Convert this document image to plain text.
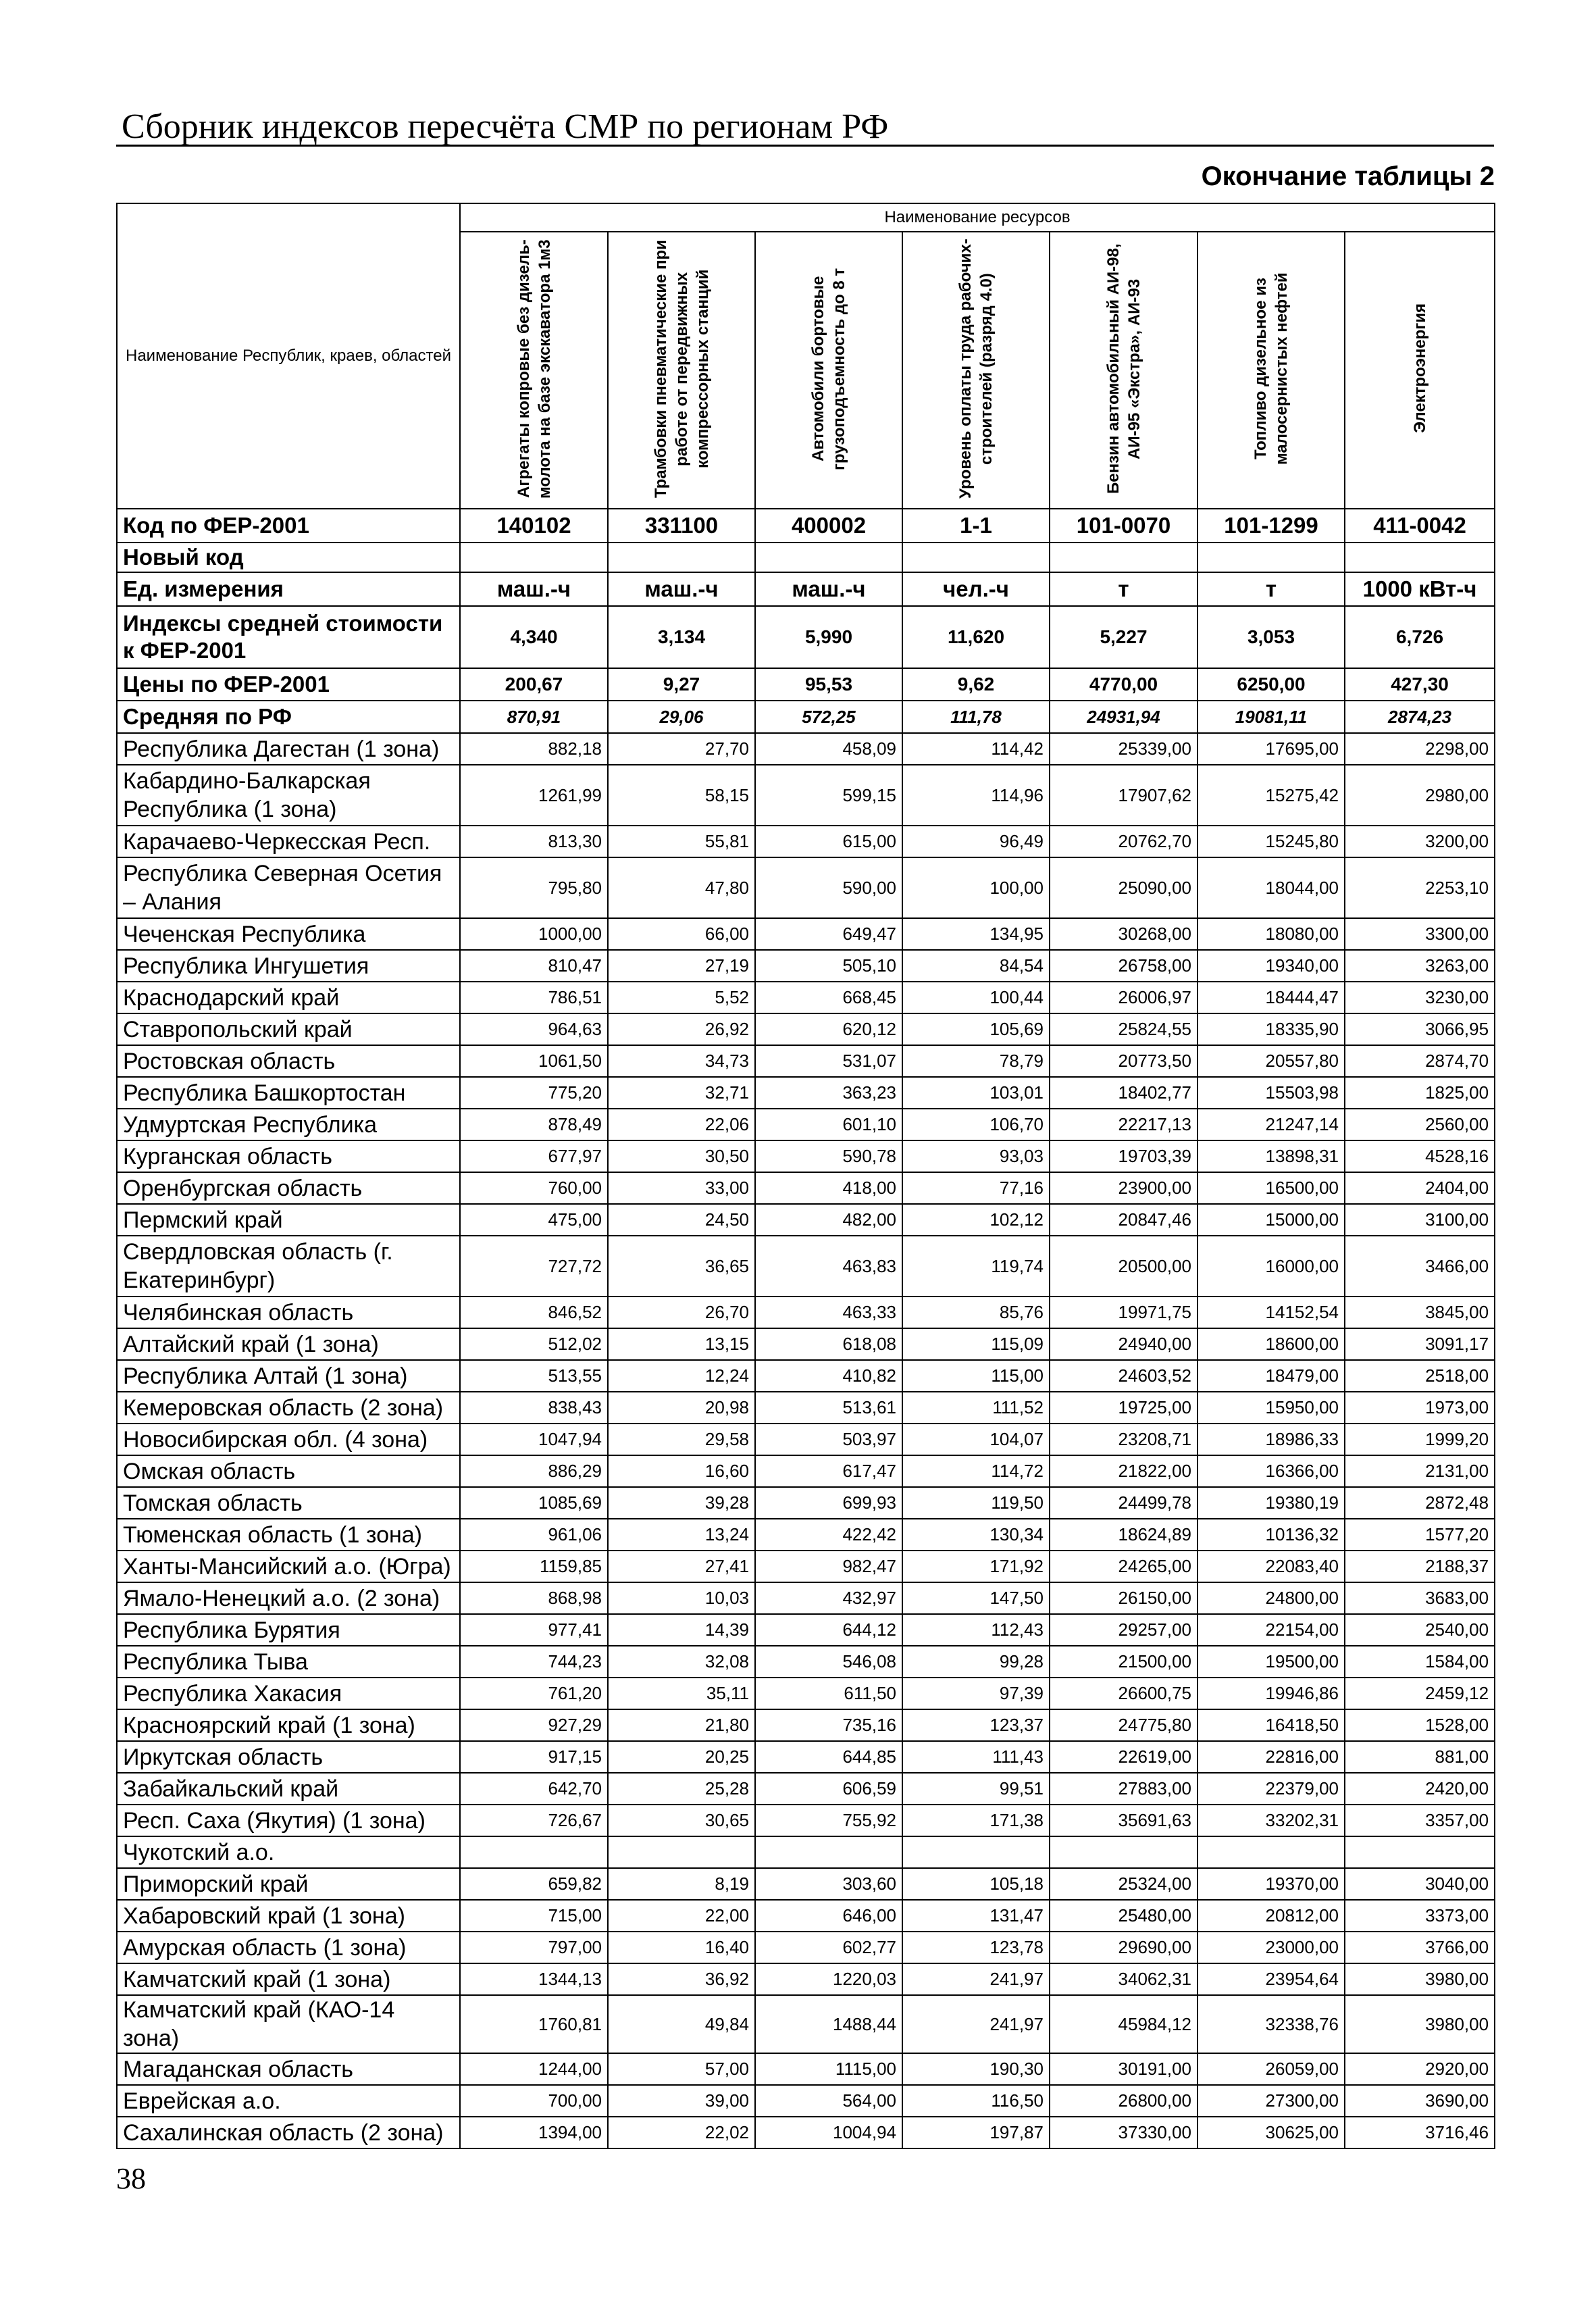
Сборник индексов пересчёта СМР по регионам РФ
Окончание таблицы 2
Наименование Республик, краев, областей	Наименование ресурсов						
	Агрегаты копровые без дизель-молота на базе экскаватора 1м3	Трамбовки пневматические при работе от передвижных компрессорных станций	Автомобили бортовые грузоподъемность до 8 т	Уровень оплаты труда рабочих-строителей (разряд 4.0)	Бензин автомобильный АИ-98, АИ-95 «Экстра», АИ-93	Топливо дизельное из малосернистых нефтей	Электроэнергия
Код по ФЕР-2001	140102	331100	400002	1-1	101-0070	101-1299	411-0042
Новый код							
Ед. измерения	маш.-ч	маш.-ч	маш.-ч	чел.-ч	т	т	1000 кВт-ч
Индексы средней стоимости к ФЕР-2001	4,340	3,134	5,990	11,620	5,227	3,053	6,726
Цены по ФЕР-2001	200,67	9,27	95,53	9,62	4770,00	6250,00	427,30
Средняя по РФ	870,91	29,06	572,25	111,78	24931,94	19081,11	2874,23
Республика Дагестан (1 зона)	882,18	27,70	458,09	114,42	25339,00	17695,00	2298,00
Кабардино-Балкарская Республика (1 зона)	1261,99	58,15	599,15	114,96	17907,62	15275,42	2980,00
Карачаево-Черкесская Респ.	813,30	55,81	615,00	96,49	20762,70	15245,80	3200,00
Республика Северная Осетия – Алания	795,80	47,80	590,00	100,00	25090,00	18044,00	2253,10
Чеченская Республика	1000,00	66,00	649,47	134,95	30268,00	18080,00	3300,00
Республика Ингушетия	810,47	27,19	505,10	84,54	26758,00	19340,00	3263,00
Краснодарский край	786,51	5,52	668,45	100,44	26006,97	18444,47	3230,00
Ставропольский край	964,63	26,92	620,12	105,69	25824,55	18335,90	3066,95
Ростовская область	1061,50	34,73	531,07	78,79	20773,50	20557,80	2874,70
Республика Башкортостан	775,20	32,71	363,23	103,01	18402,77	15503,98	1825,00
Удмуртская Республика	878,49	22,06	601,10	106,70	22217,13	21247,14	2560,00
Курганская область	677,97	30,50	590,78	93,03	19703,39	13898,31	4528,16
Оренбургская область	760,00	33,00	418,00	77,16	23900,00	16500,00	2404,00
Пермский край	475,00	24,50	482,00	102,12	20847,46	15000,00	3100,00
Свердловская область (г. Екатеринбург)	727,72	36,65	463,83	119,74	20500,00	16000,00	3466,00
Челябинская область	846,52	26,70	463,33	85,76	19971,75	14152,54	3845,00
Алтайский край (1 зона)	512,02	13,15	618,08	115,09	24940,00	18600,00	3091,17
Республика Алтай (1 зона)	513,55	12,24	410,82	115,00	24603,52	18479,00	2518,00
Кемеровская область (2 зона)	838,43	20,98	513,61	111,52	19725,00	15950,00	1973,00
Новосибирская обл. (4 зона)	1047,94	29,58	503,97	104,07	23208,71	18986,33	1999,20
Омская область	886,29	16,60	617,47	114,72	21822,00	16366,00	2131,00
Томская область	1085,69	39,28	699,93	119,50	24499,78	19380,19	2872,48
Тюменская область (1 зона)	961,06	13,24	422,42	130,34	18624,89	10136,32	1577,20
Ханты-Мансийский а.о. (Югра)	1159,85	27,41	982,47	171,92	24265,00	22083,40	2188,37
Ямало-Ненецкий а.о. (2 зона)	868,98	10,03	432,97	147,50	26150,00	24800,00	3683,00
Республика Бурятия	977,41	14,39	644,12	112,43	29257,00	22154,00	2540,00
Республика Тыва	744,23	32,08	546,08	99,28	21500,00	19500,00	1584,00
Республика Хакасия	761,20	35,11	611,50	97,39	26600,75	19946,86	2459,12
Красноярский край (1 зона)	927,29	21,80	735,16	123,37	24775,80	16418,50	1528,00
Иркутская область	917,15	20,25	644,85	111,43	22619,00	22816,00	881,00
Забайкальский край	642,70	25,28	606,59	99,51	27883,00	22379,00	2420,00
Респ. Саха (Якутия) (1 зона)	726,67	30,65	755,92	171,38	35691,63	33202,31	3357,00
Чукотский а.о.							
Приморский край	659,82	8,19	303,60	105,18	25324,00	19370,00	3040,00
Хабаровский край (1 зона)	715,00	22,00	646,00	131,47	25480,00	20812,00	3373,00
Амурская область (1 зона)	797,00	16,40	602,77	123,78	29690,00	23000,00	3766,00
Камчатский край (1 зона)	1344,13	36,92	1220,03	241,97	34062,31	23954,64	3980,00
Камчатский край (КАО-14 зона)	1760,81	49,84	1488,44	241,97	45984,12	32338,76	3980,00
Магаданская область	1244,00	57,00	1115,00	190,30	30191,00	26059,00	2920,00
Еврейская а.о.	700,00	39,00	564,00	116,50	26800,00	27300,00	3690,00
Сахалинская область (2 зона)	1394,00	22,02	1004,94	197,87	37330,00	30625,00	3716,46
38
